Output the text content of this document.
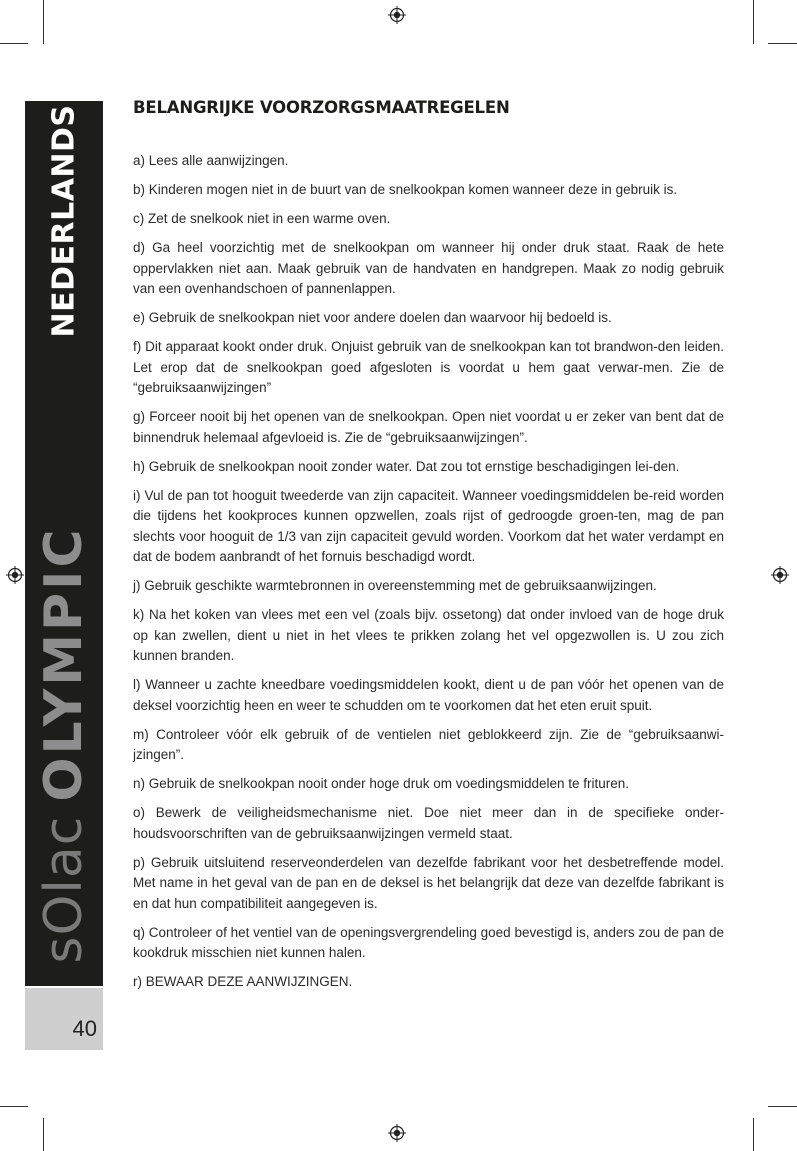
NEDERLANDS
sOlacOLYMPIC
40
BELANGRIJKE VOORZORGSMAATREGELEN
a) Lees alle aanwijzingen.
b) Kinderen mogen niet in de buurt van de snelkookpan komen wanneer deze in gebruik is.
c) Zet de snelkook niet in een warme oven.
d) Ga heel voorzichtig met de snelkookpan om wanneer hij onder druk staat. Raak de hete oppervlakken niet aan. Maak gebruik van de handvaten en handgrepen. Maak zo nodig gebruik van een ovenhandschoen of pannenlappen.
e) Gebruik de snelkookpan niet voor andere doelen dan waarvoor hij bedoeld is.
f) Dit apparaat kookt onder druk. Onjuist gebruik van de snelkookpan kan tot brandwon-den leiden. Let erop dat de snelkookpan goed afgesloten is voordat u hem gaat verwar-men. Zie de “gebruiksaanwijzingen”
g) Forceer nooit bij het openen van de snelkookpan. Open niet voordat u er zeker van bent dat de binnendruk helemaal afgevloeid is. Zie de “gebruiksaanwijzingen”.
h) Gebruik de snelkookpan nooit zonder water. Dat zou tot ernstige beschadigingen lei-den.
i) Vul de pan tot hooguit tweederde van zijn capaciteit. Wanneer voedingsmiddelen be-reid worden die tijdens het kookproces kunnen opzwellen, zoals rijst of gedroogde groen-ten, mag de pan slechts voor hooguit de 1/3 van zijn capaciteit gevuld worden. Voorkom dat het water verdampt en dat de bodem aanbrandt of het fornuis beschadigd wordt.
j) Gebruik geschikte warmtebronnen in overeenstemming met de gebruiksaanwijzingen.
k) Na het koken van vlees met een vel (zoals bijv. ossetong) dat onder invloed van de hoge druk op kan zwellen, dient u niet in het vlees te prikken zolang het vel opgezwollen is. U zou zich kunnen branden.
l) Wanneer u zachte kneedbare voedingsmiddelen kookt, dient u de pan vóór het openen van de deksel voorzichtig heen en weer te schudden om te voorkomen dat het eten eruit spuit.
m) Controleer vóór elk gebruik of de ventielen niet geblokkeerd zijn. Zie de “gebruiksaanwi-jzingen”.
n) Gebruik de snelkookpan nooit onder hoge druk om voedingsmiddelen te frituren.
o) Bewerk de veiligheidsmechanisme niet. Doe niet meer dan in de specifieke onder-houdsvoorschriften van de gebruiksaanwijzingen vermeld staat.
p) Gebruik uitsluitend reserveonderdelen van dezelfde fabrikant voor het desbetreffende model. Met name in het geval van de pan en de deksel is het belangrijk dat deze van dezelfde fabrikant is en dat hun compatibiliteit aangegeven is.
q) Controleer of het ventiel van de openingsvergrendeling goed bevestigd is, anders zou de pan de kookdruk misschien niet kunnen halen.
r) BEWAAR DEZE AANWIJZINGEN.
